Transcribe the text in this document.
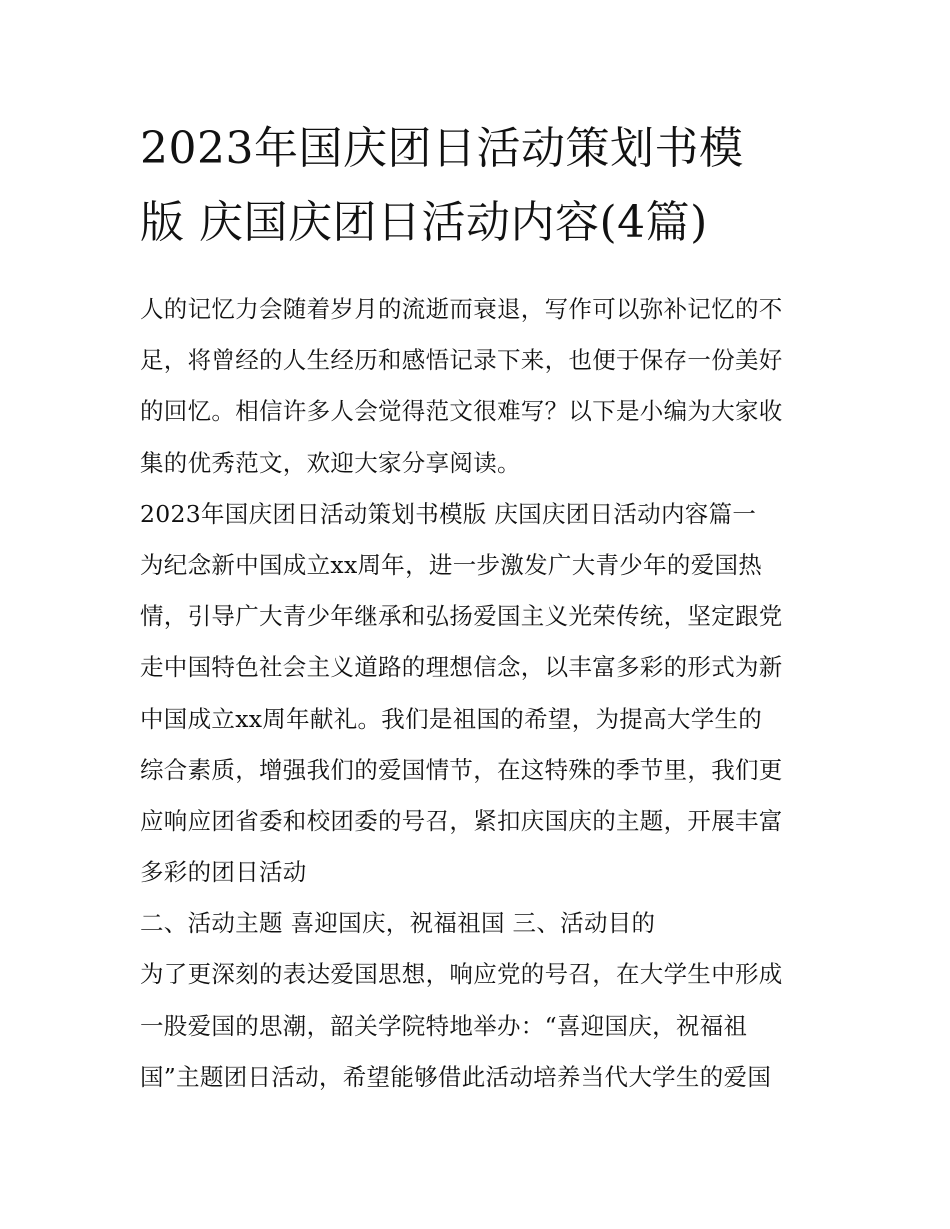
2023年国庆团日活动策划书模
版 庆国庆团日活动内容(4篇)
人的记忆力会随着岁月的流逝而衰退，写作可以弥补记忆的不
足，将曾经的人生经历和感悟记录下来，也便于保存一份美好
的回忆。相信许多人会觉得范文很难写？以下是小编为大家收
集的优秀范文，欢迎大家分享阅读。
2023年国庆团日活动策划书模版 庆国庆团日活动内容篇一
为纪念新中国成立xx周年，进一步激发广大青少年的爱国热
情，引导广大青少年继承和弘扬爱国主义光荣传统，坚定跟党
走中国特色社会主义道路的理想信念，以丰富多彩的形式为新
中国成立xx周年献礼。我们是祖国的希望，为提高大学生的
综合素质，增强我们的爱国情节，在这特殊的季节里，我们更
应响应团省委和校团委的号召，紧扣庆国庆的主题，开展丰富
多彩的团日活动
二、活动主题 喜迎国庆，祝福祖国 三、活动目的
为了更深刻的表达爱国思想，响应党的号召，在大学生中形成
一股爱国的思潮，韶关学院特地举办：“喜迎国庆，祝福祖
国”主题团日活动，希望能够借此活动培养当代大学生的爱国
